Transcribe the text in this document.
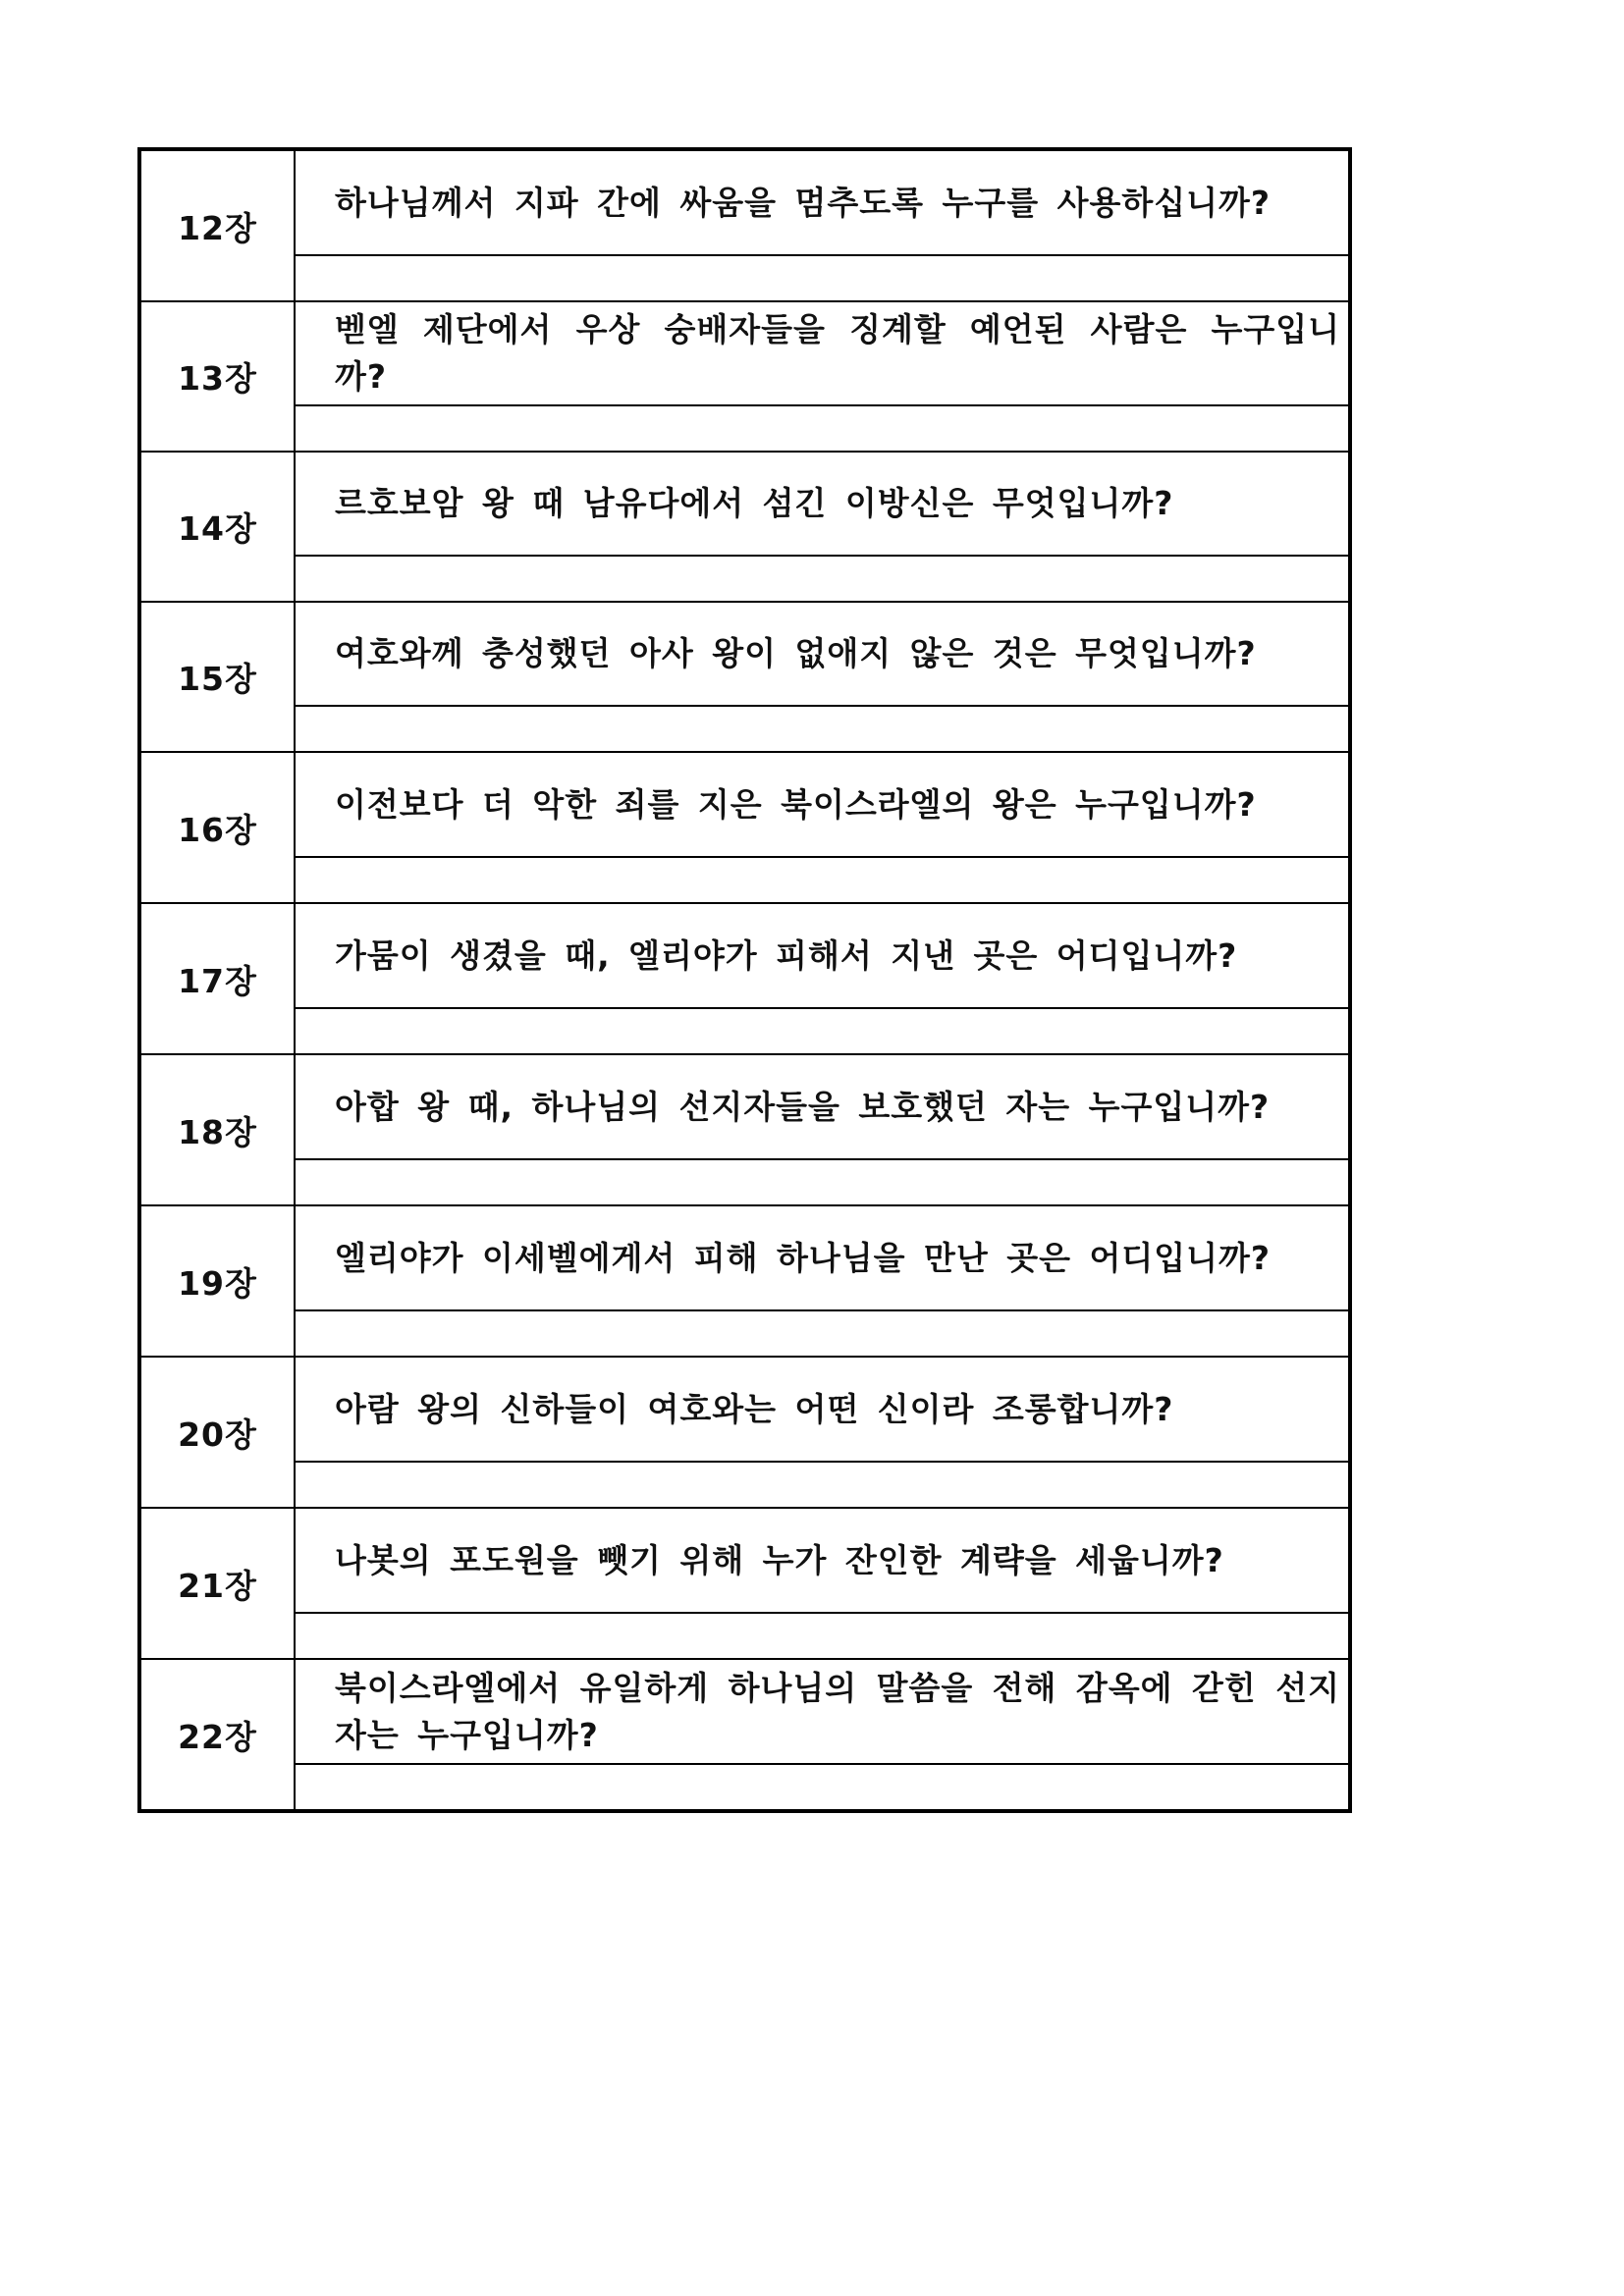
12장	하나님께서 지파 간에 싸움을 멈추도록 누구를 사용하십니까?

13장	벧엘 제단에서 우상 숭배자들을 징계할 예언된 사람은 누구입니까?

14장	르호보암 왕 때 남유다에서 섬긴 이방신은 무엇입니까?

15장	여호와께 충성했던 아사 왕이 없애지 않은 것은 무엇입니까?

16장	이전보다 더 악한 죄를 지은 북이스라엘의 왕은 누구입니까?

17장	가뭄이 생겼을 때, 엘리야가 피해서 지낸 곳은 어디입니까?

18장	아합 왕 때, 하나님의 선지자들을 보호했던 자는 누구입니까?

19장	엘리야가 이세벨에게서 피해 하나님을 만난 곳은 어디입니까?

20장	아람 왕의 신하들이 여호와는 어떤 신이라 조롱합니까?

21장	나봇의 포도원을 뺏기 위해 누가 잔인한 계략을 세웁니까?

22장	북이스라엘에서 유일하게 하나님의 말씀을 전해 감옥에 갇힌 선지자는 누구입니까?
